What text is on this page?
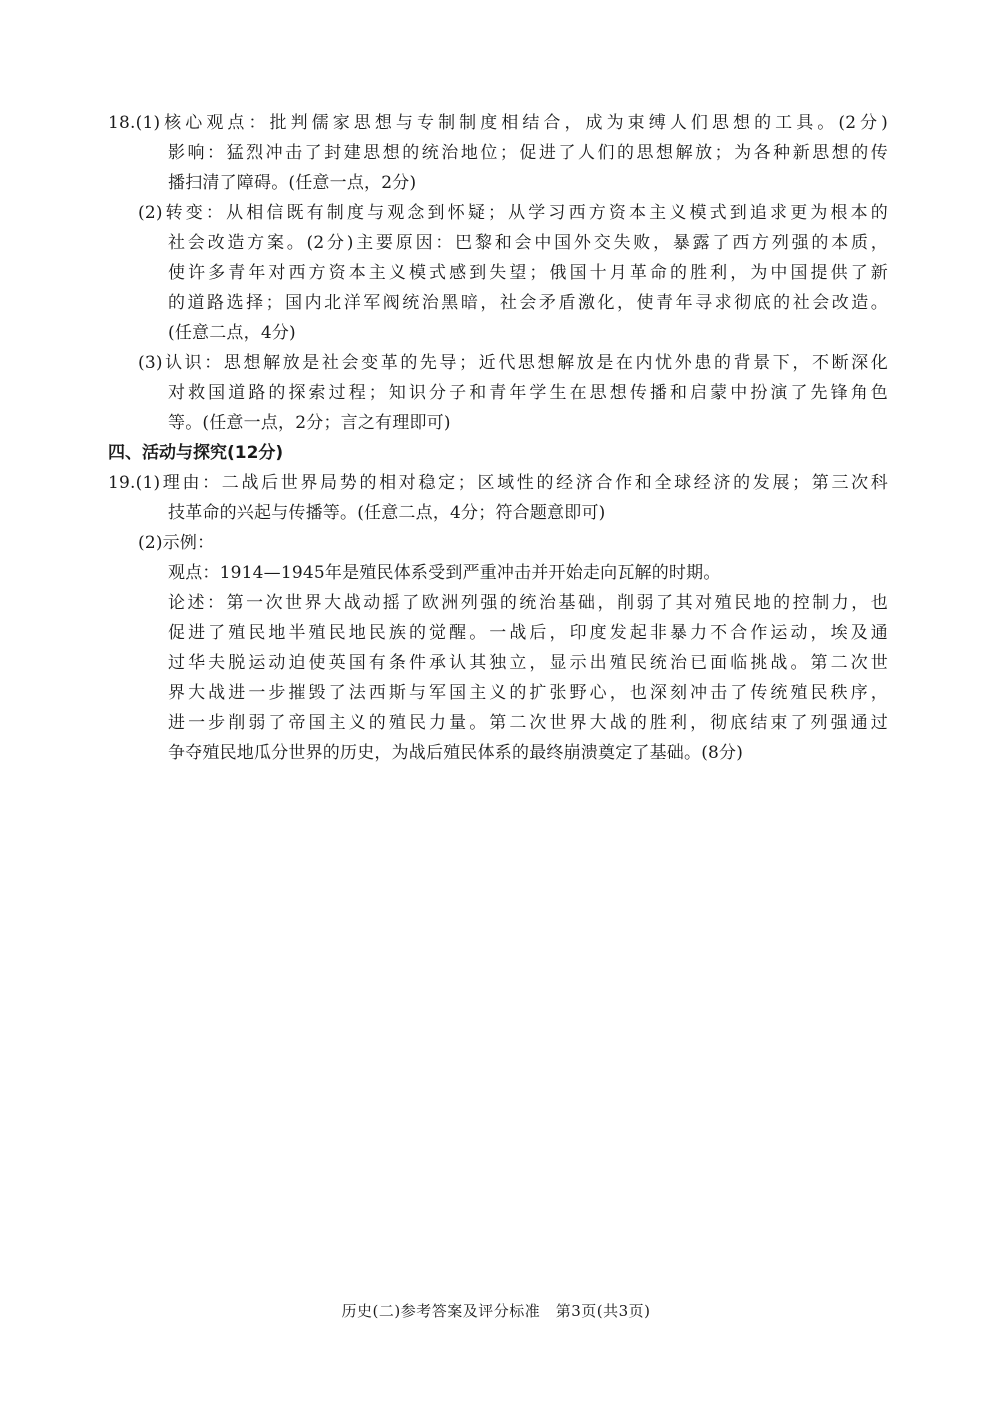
18.(1)核心观点：批判儒家思想与专制制度相结合，成为束缚人们思想的工具。(2分)
影响：猛烈冲击了封建思想的统治地位；促进了人们的思想解放；为各种新思想的传
播扫清了障碍。(任意一点，2分)
(2)转变：从相信既有制度与观念到怀疑；从学习西方资本主义模式到追求更为根本的
社会改造方案。(2分)主要原因：巴黎和会中国外交失败，暴露了西方列强的本质，
使许多青年对西方资本主义模式感到失望；俄国十月革命的胜利，为中国提供了新
的道路选择；国内北洋军阀统治黑暗，社会矛盾激化，使青年寻求彻底的社会改造。
(任意二点，4分)
(3)认识：思想解放是社会变革的先导；近代思想解放是在内忧外患的背景下，不断深化
对救国道路的探索过程；知识分子和青年学生在思想传播和启蒙中扮演了先锋角色
等。(任意一点，2分；言之有理即可)
四、活动与探究(12分)
19.(1)理由：二战后世界局势的相对稳定；区域性的经济合作和全球经济的发展；第三次科
技革命的兴起与传播等。(任意二点，4分；符合题意即可)
(2)示例：
观点：1914—1945年是殖民体系受到严重冲击并开始走向瓦解的时期。
论述：第一次世界大战动摇了欧洲列强的统治基础，削弱了其对殖民地的控制力，也
促进了殖民地半殖民地民族的觉醒。一战后，印度发起非暴力不合作运动，埃及通
过华夫脱运动迫使英国有条件承认其独立，显示出殖民统治已面临挑战。第二次世
界大战进一步摧毁了法西斯与军国主义的扩张野心，也深刻冲击了传统殖民秩序，
进一步削弱了帝国主义的殖民力量。第二次世界大战的胜利，彻底结束了列强通过
争夺殖民地瓜分世界的历史，为战后殖民体系的最终崩溃奠定了基础。(8分)
历史(二)参考答案及评分标准　第3页(共3页)
